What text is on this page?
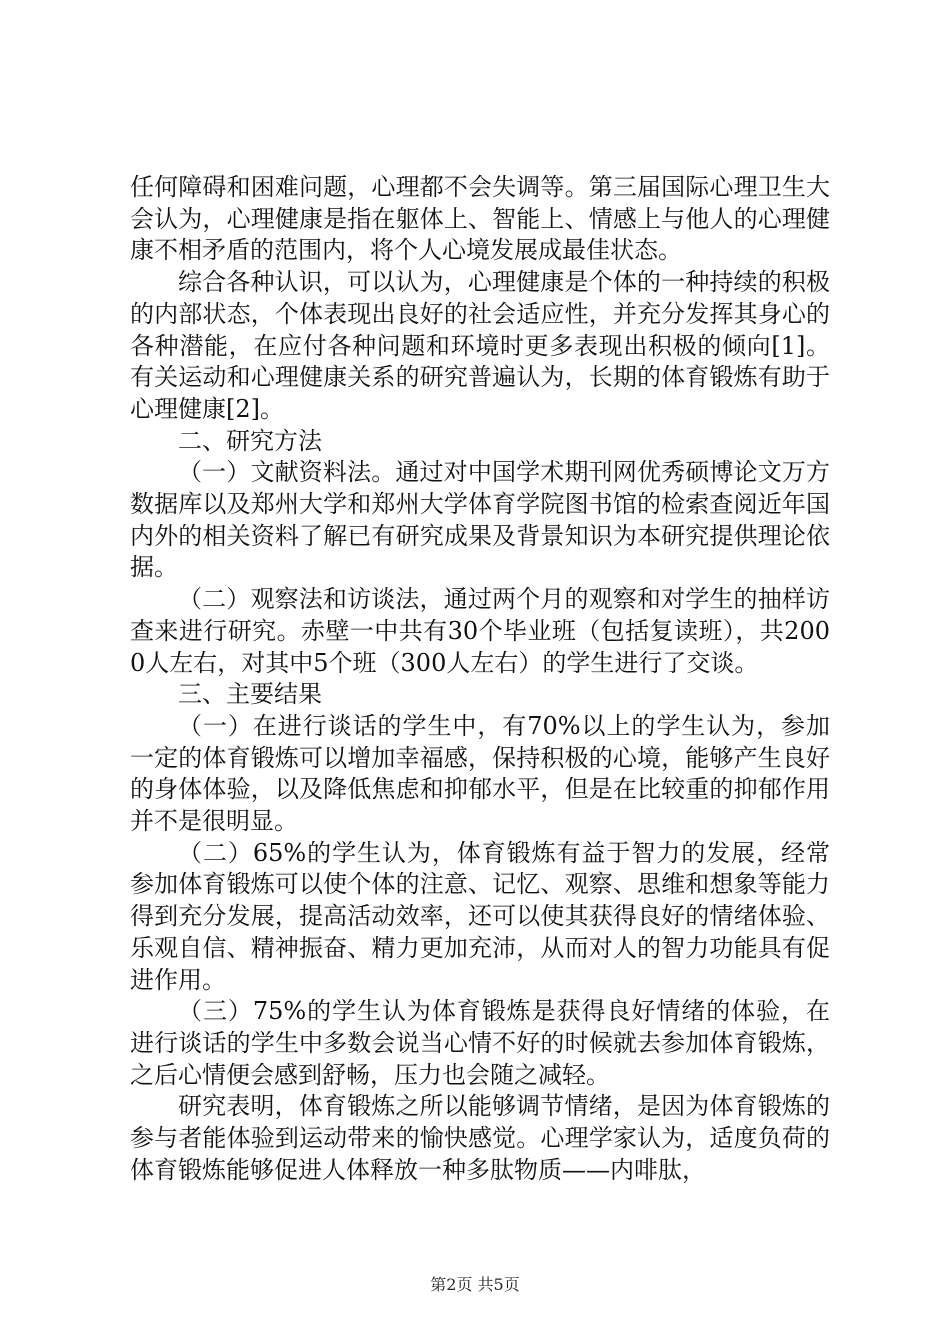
任何障碍和困难问题，心理都不会失调等。第三届国际心理卫生大会认为，心理健康是指在躯体上、智能上、情感上与他人的心理健康不相矛盾的范围内，将个人心境发展成最佳状态。

综合各种认识，可以认为，心理健康是个体的一种持续的积极的内部状态，个体表现出良好的社会适应性，并充分发挥其身心的各种潜能，在应付各种问题和环境时更多表现出积极的倾向[1]。有关运动和心理健康关系的研究普遍认为，长期的体育锻炼有助于心理健康[2]。

二、研究方法

（一）文献资料法。通过对中国学术期刊网优秀硕博论文万方数据库以及郑州大学和郑州大学体育学院图书馆的检索查阅近年国内外的相关资料了解已有研究成果及背景知识为本研究提供理论依据。

（二）观察法和访谈法，通过两个月的观察和对学生的抽样访查来进行研究。赤壁一中共有30个毕业班（包括复读班），共2000人左右，对其中5个班（300人左右）的学生进行了交谈。

三、主要结果

（一）在进行谈话的学生中，有70%以上的学生认为，参加一定的体育锻炼可以增加幸福感，保持积极的心境，能够产生良好的身体体验，以及降低焦虑和抑郁水平，但是在比较重的抑郁作用并不是很明显。

（二）65%的学生认为，体育锻炼有益于智力的发展，经常参加体育锻炼可以使个体的注意、记忆、观察、思维和想象等能力得到充分发展，提高活动效率，还可以使其获得良好的情绪体验、乐观自信、精神振奋、精力更加充沛，从而对人的智力功能具有促进作用。

（三）75%的学生认为体育锻炼是获得良好情绪的体验，在进行谈话的学生中多数会说当心情不好的时候就去参加体育锻炼，之后心情便会感到舒畅，压力也会随之减轻。

研究表明，体育锻炼之所以能够调节情绪，是因为体育锻炼的参与者能体验到运动带来的愉快感觉。心理学家认为，适度负荷的体育锻炼能够促进人体释放一种多肽物质——内啡肽，

第2页 共5页
